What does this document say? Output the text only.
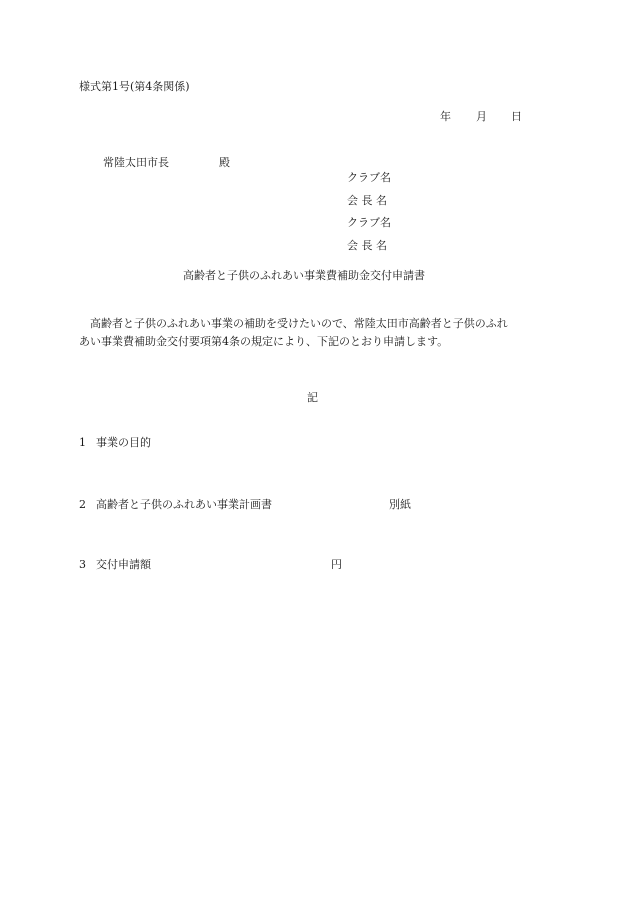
様式第1号(第4条関係)
年 月 日
常陸太田市長	殿
クラブ名
会 長 名
クラブ名
会 長 名
高齢者と子供のふれあい事業費補助金交付申請書
高齢者と子供のふれあい事業の補助を受けたいので、常陸太田市高齢者と子供のふれ
あい事業費補助金交付要項第4条の規定により、下記のとおり申請します。
記
1 事業の目的
2 高齢者と子供のふれあい事業計画書	別紙
3 交付申請額	円
